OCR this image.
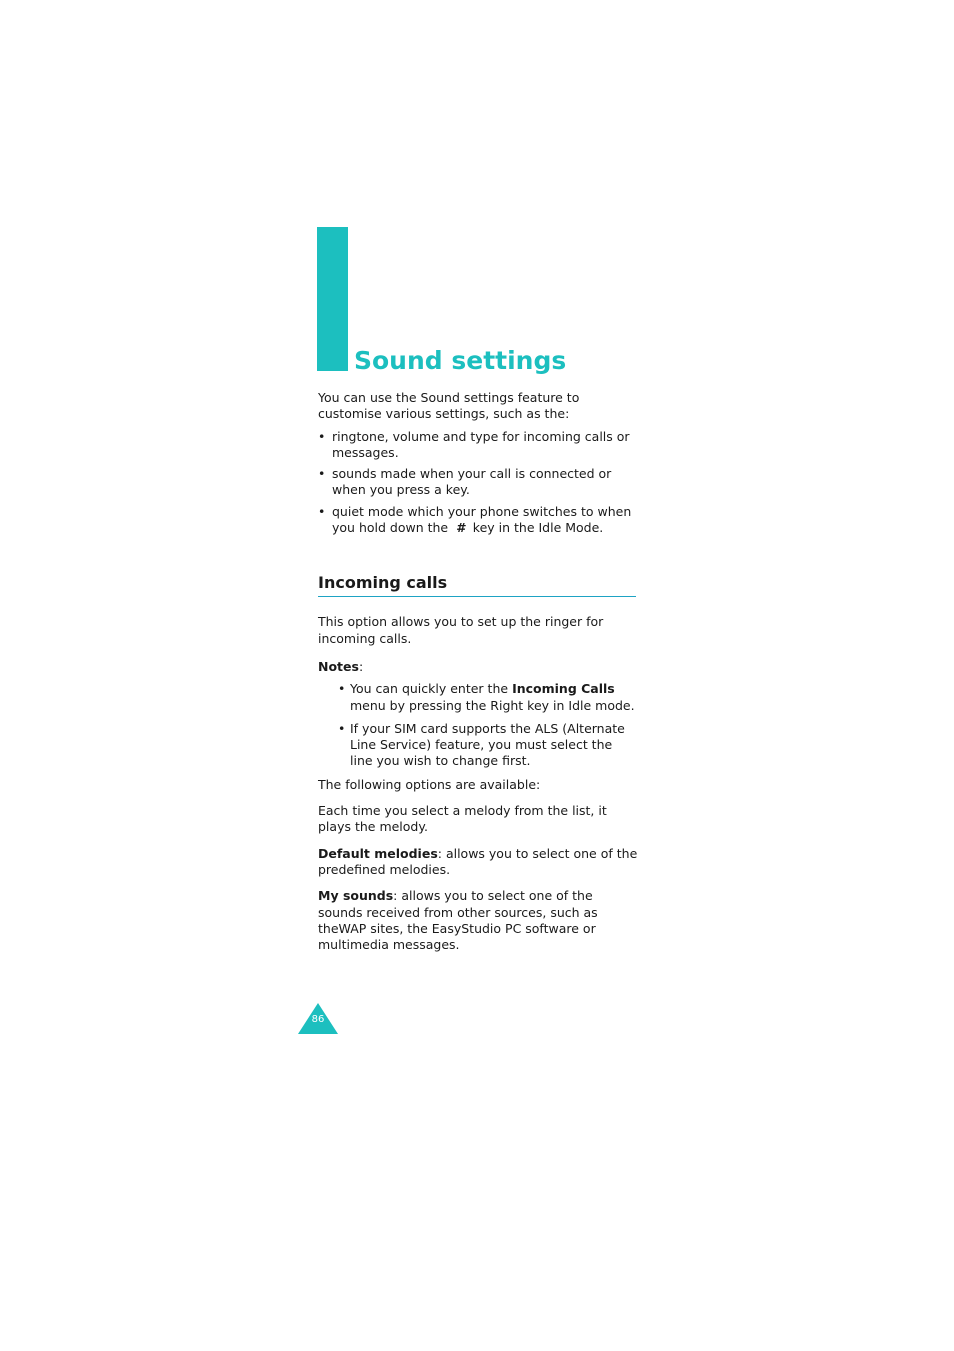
Sound settings

You can use the Sound settings feature to customise various settings, such as the:

• ringtone, volume and type for incoming calls or messages.
• sounds made when your call is connected or when you press a key.
• quiet mode which your phone switches to when you hold down the # key in the Idle Mode.
Incoming calls

This option allows you to set up the ringer for incoming calls.

Notes:

• You can quickly enter the Incoming Calls menu by pressing the Right key in Idle mode.
• If your SIM card supports the ALS (Alternate Line Service) feature, you must select the line you wish to change first.

The following options are available:

Each time you select a melody from the list, it plays the melody.

Default melodies: allows you to select one of the predefined melodies.

My sounds: allows you to select one of the sounds received from other sources, such as theWAP sites, the EasyStudio PC software or multimedia messages.

86
